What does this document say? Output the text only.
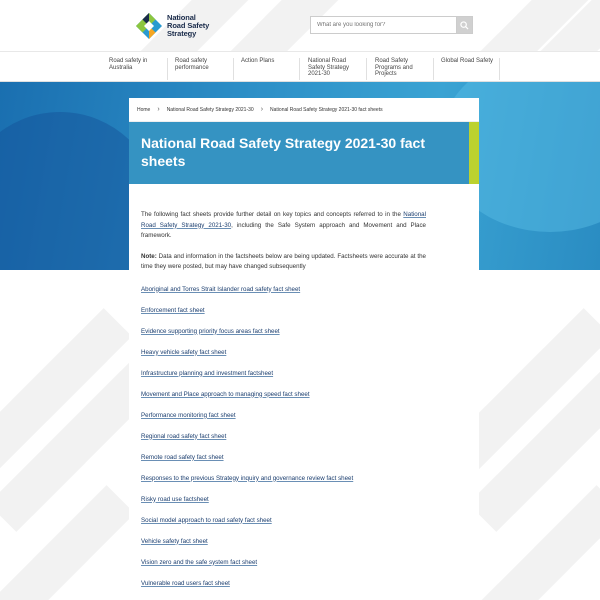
National
Road Safety
Strategy
What are you looking for?
Road safety in Australia
Road safety performance
Action Plans	National Road Safety Strategy 2021-30
Road Safety Programs and Projects
Global Road Safety
Home › National Road Safety Strategy 2021-30 › National Road Safety Strategy 2021-30 fact sheets
National Road Safety Strategy 2021-30 fact sheets

The following fact sheets provide further detail on key topics and concepts referred to in the National Road Safety Strategy 2021-30, including the Safe System approach and Movement and Place framework.

Note: Data and information in the factsheets below are being updated. Factsheets were accurate at the time they were posted, but may have changed subsequently

Aboriginal and Torres Strait Islander road safety fact sheet
Enforcement fact sheet
Evidence supporting priority focus areas fact sheet
Heavy vehicle safety fact sheet
Infrastructure planning and investment factsheet
Movement and Place approach to managing speed fact sheet
Performance monitoring fact sheet
Regional road safety fact sheet
Remote road safety fact sheet
Responses to the previous Strategy inquiry and governance review fact sheet
Risky road use factsheet
Social model approach to road safety fact sheet
Vehicle safety fact sheet
Vision zero and the safe system fact sheet
Vulnerable road users fact sheet
